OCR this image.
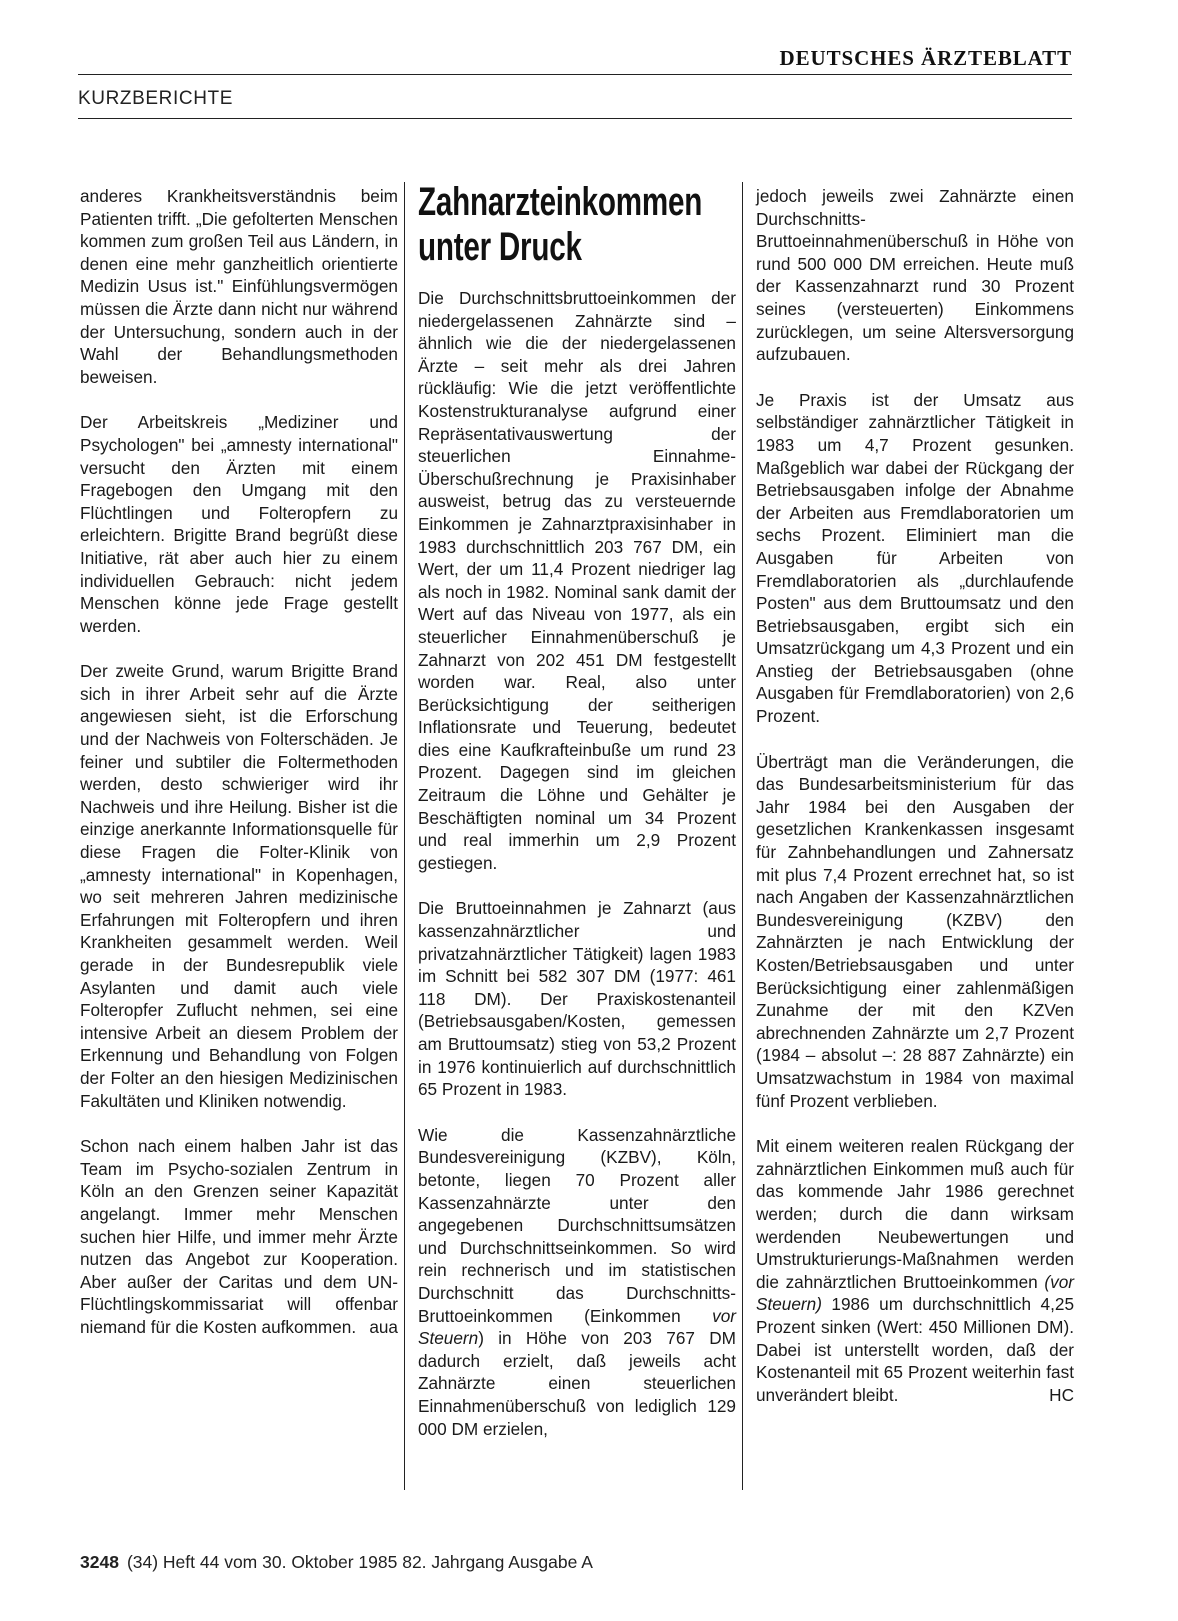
DEUTSCHES ÄRZTEBLATT
KURZBERICHTE

anderes Krankheitsverständnis beim Patienten trifft. „Die gefolterten Menschen kommen zum großen Teil aus Ländern, in denen eine mehr ganzheitlich orientierte Medizin Usus ist." Einfühlungsvermögen müssen die Ärzte dann nicht nur während der Untersuchung, sondern auch in der Wahl der Behandlungsmethoden beweisen.

Der Arbeitskreis „Mediziner und Psychologen" bei „amnesty international" versucht den Ärzten mit einem Fragebogen den Umgang mit den Flüchtlingen und Folteropfern zu erleichtern. Brigitte Brand begrüßt diese Initiative, rät aber auch hier zu einem individuellen Gebrauch: nicht jedem Menschen könne jede Frage gestellt werden.

Der zweite Grund, warum Brigitte Brand sich in ihrer Arbeit sehr auf die Ärzte angewiesen sieht, ist die Erforschung und der Nachweis von Folterschäden. Je feiner und subtiler die Foltermethoden werden, desto schwieriger wird ihr Nachweis und ihre Heilung. Bisher ist die einzige anerkannte Informationsquelle für diese Fragen die Folter-Klinik von „amnesty international" in Kopenhagen, wo seit mehreren Jahren medizinische Erfahrungen mit Folteropfern und ihren Krankheiten gesammelt werden. Weil gerade in der Bundesrepublik viele Asylanten und damit auch viele Folteropfer Zuflucht nehmen, sei eine intensive Arbeit an diesem Problem der Erkennung und Behandlung von Folgen der Folter an den hiesigen Medizinischen Fakultäten und Kliniken notwendig.

Schon nach einem halben Jahr ist das Team im Psycho-sozialen Zentrum in Köln an den Grenzen seiner Kapazität angelangt. Immer mehr Menschen suchen hier Hilfe, und immer mehr Ärzte nutzen das Angebot zur Kooperation. Aber außer der Caritas und dem UN-Flüchtlingskommissariat will offenbar niemand für die Kosten aufkommen. aua

Zahnarzteinkommen
unter Druck

Die Durchschnittsbruttoeinkommen der niedergelassenen Zahnärzte sind – ähnlich wie die der niedergelassenen Ärzte – seit mehr als drei Jahren rückläufig: Wie die jetzt veröffentlichte Kostenstrukturanalyse aufgrund einer Repräsentativauswertung der steuerlichen Einnahme-Überschußrechnung je Praxisinhaber ausweist, betrug das zu versteuernde Einkommen je Zahnarztpraxisinhaber in 1983 durchschnittlich 203 767 DM, ein Wert, der um 11,4 Prozent niedriger lag als noch in 1982. Nominal sank damit der Wert auf das Niveau von 1977, als ein steuerlicher Einnahmenüberschuß je Zahnarzt von 202 451 DM festgestellt worden war. Real, also unter Berücksichtigung der seitherigen Inflationsrate und Teuerung, bedeutet dies eine Kaufkrafteinbuße um rund 23 Prozent. Dagegen sind im gleichen Zeitraum die Löhne und Gehälter je Beschäftigten nominal um 34 Prozent und real immerhin um 2,9 Prozent gestiegen.

Die Bruttoeinnahmen je Zahnarzt (aus kassenzahnärztlicher und privatzahnärztlicher Tätigkeit) lagen 1983 im Schnitt bei 582 307 DM (1977: 461 118 DM). Der Praxiskostenanteil (Betriebsausgaben/Kosten, gemessen am Bruttoumsatz) stieg von 53,2 Prozent in 1976 kontinuierlich auf durchschnittlich 65 Prozent in 1983.

Wie die Kassenzahnärztliche Bundesvereinigung (KZBV), Köln, betonte, liegen 70 Prozent aller Kassenzahnärzte unter den angegebenen Durchschnittsumsätzen und Durchschnittseinkommen. So wird rein rechnerisch und im statistischen Durchschnitt das Durchschnitts-Bruttoeinkommen (Einkommen vor Steuern) in Höhe von 203 767 DM dadurch erzielt, daß jeweils acht Zahnärzte einen steuerlichen Einnahmenüberschuß von lediglich 129 000 DM erzielen,

jedoch jeweils zwei Zahnärzte einen Durchschnitts-Bruttoeinnahmenüberschuß in Höhe von rund 500 000 DM erreichen. Heute muß der Kassenzahnarzt rund 30 Prozent seines (versteuerten) Einkommens zurücklegen, um seine Altersversorgung aufzubauen.

Je Praxis ist der Umsatz aus selbständiger zahnärztlicher Tätigkeit in 1983 um 4,7 Prozent gesunken. Maßgeblich war dabei der Rückgang der Betriebsausgaben infolge der Abnahme der Arbeiten aus Fremdlaboratorien um sechs Prozent. Eliminiert man die Ausgaben für Arbeiten von Fremdlaboratorien als „durchlaufende Posten" aus dem Bruttoumsatz und den Betriebsausgaben, ergibt sich ein Umsatzrückgang um 4,3 Prozent und ein Anstieg der Betriebsausgaben (ohne Ausgaben für Fremdlaboratorien) von 2,6 Prozent.

Überträgt man die Veränderungen, die das Bundesarbeitsministerium für das Jahr 1984 bei den Ausgaben der gesetzlichen Krankenkassen insgesamt für Zahnbehandlungen und Zahnersatz mit plus 7,4 Prozent errechnet hat, so ist nach Angaben der Kassenzahnärztlichen Bundesvereinigung (KZBV) den Zahnärzten je nach Entwicklung der Kosten/Betriebsausgaben und unter Berücksichtigung einer zahlenmäßigen Zunahme der mit den KZVen abrechnenden Zahnärzte um 2,7 Prozent (1984 – absolut –: 28 887 Zahnärzte) ein Umsatzwachstum in 1984 von maximal fünf Prozent verblieben.

Mit einem weiteren realen Rückgang der zahnärztlichen Einkommen muß auch für das kommende Jahr 1986 gerechnet werden; durch die dann wirksam werdenden Neubewertungen und Umstrukturierungs-Maßnahmen werden die zahnärztlichen Bruttoeinkommen (vor Steuern) 1986 um durchschnittlich 4,25 Prozent sinken (Wert: 450 Millionen DM). Dabei ist unterstellt worden, daß der Kostenanteil mit 65 Prozent weiterhin fast unverändert bleibt.	HC

3248 (34) Heft 44 vom 30. Oktober 1985 82. Jahrgang Ausgabe A
